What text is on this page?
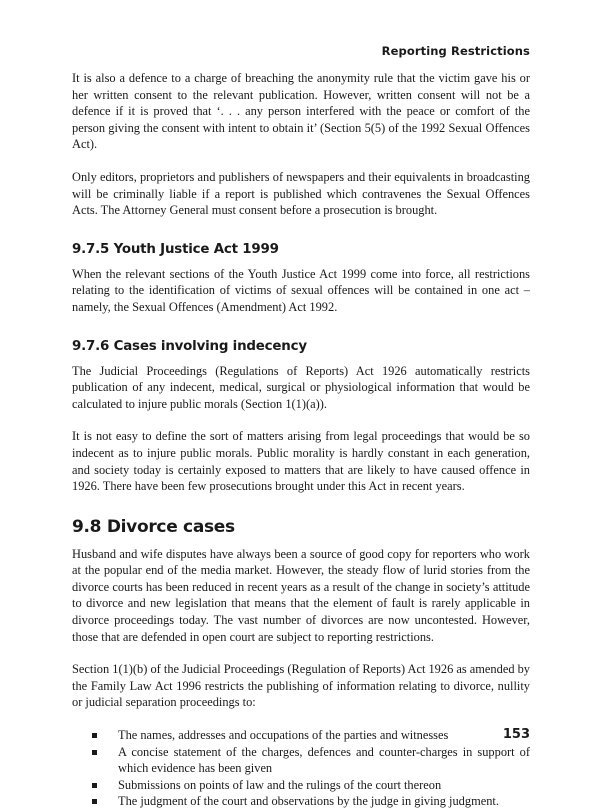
Reporting Restrictions

It is also a defence to a charge of breaching the anonymity rule that the victim gave his or her written consent to the relevant publication. However, written consent will not be a defence if it is proved that ‘. . . any person interfered with the peace or comfort of the person giving the consent with intent to obtain it’ (Section 5(5) of the 1992 Sexual Offences Act).

Only editors, proprietors and publishers of newspapers and their equivalents in broadcasting will be criminally liable if a report is published which contravenes the Sexual Offences Acts. The Attorney General must consent before a prosecution is brought.

9.7.5 Youth Justice Act 1999

When the relevant sections of the Youth Justice Act 1999 come into force, all restrictions relating to the identification of victims of sexual offences will be contained in one act – namely, the Sexual Offences (Amendment) Act 1992.

9.7.6 Cases involving indecency

The Judicial Proceedings (Regulations of Reports) Act 1926 automatically restricts publication of any indecent, medical, surgical or physiological information that would be calculated to injure public morals (Section 1(1)(a)).

It is not easy to define the sort of matters arising from legal proceedings that would be so indecent as to injure public morals. Public morality is hardly constant in each generation, and society today is certainly exposed to matters that are likely to have caused offence in 1926. There have been few prosecutions brought under this Act in recent years.

9.8 Divorce cases

Husband and wife disputes have always been a source of good copy for reporters who work at the popular end of the media market. However, the steady flow of lurid stories from the divorce courts has been reduced in recent years as a result of the change in society’s attitude to divorce and new legislation that means that the element of fault is rarely applicable in divorce proceedings today. The vast number of divorces are now uncontested. However, those that are defended in open court are subject to reporting restrictions.

Section 1(1)(b) of the Judicial Proceedings (Regulation of Reports) Act 1926 as amended by the Family Law Act 1996 restricts the publishing of information relating to divorce, nullity or judicial separation proceedings to:

The names, addresses and occupations of the parties and witnesses
A concise statement of the charges, defences and counter-charges in support of which evidence has been given
Submissions on points of law and the rulings of the court thereon
The judgment of the court and observations by the judge in giving judgment.
153
